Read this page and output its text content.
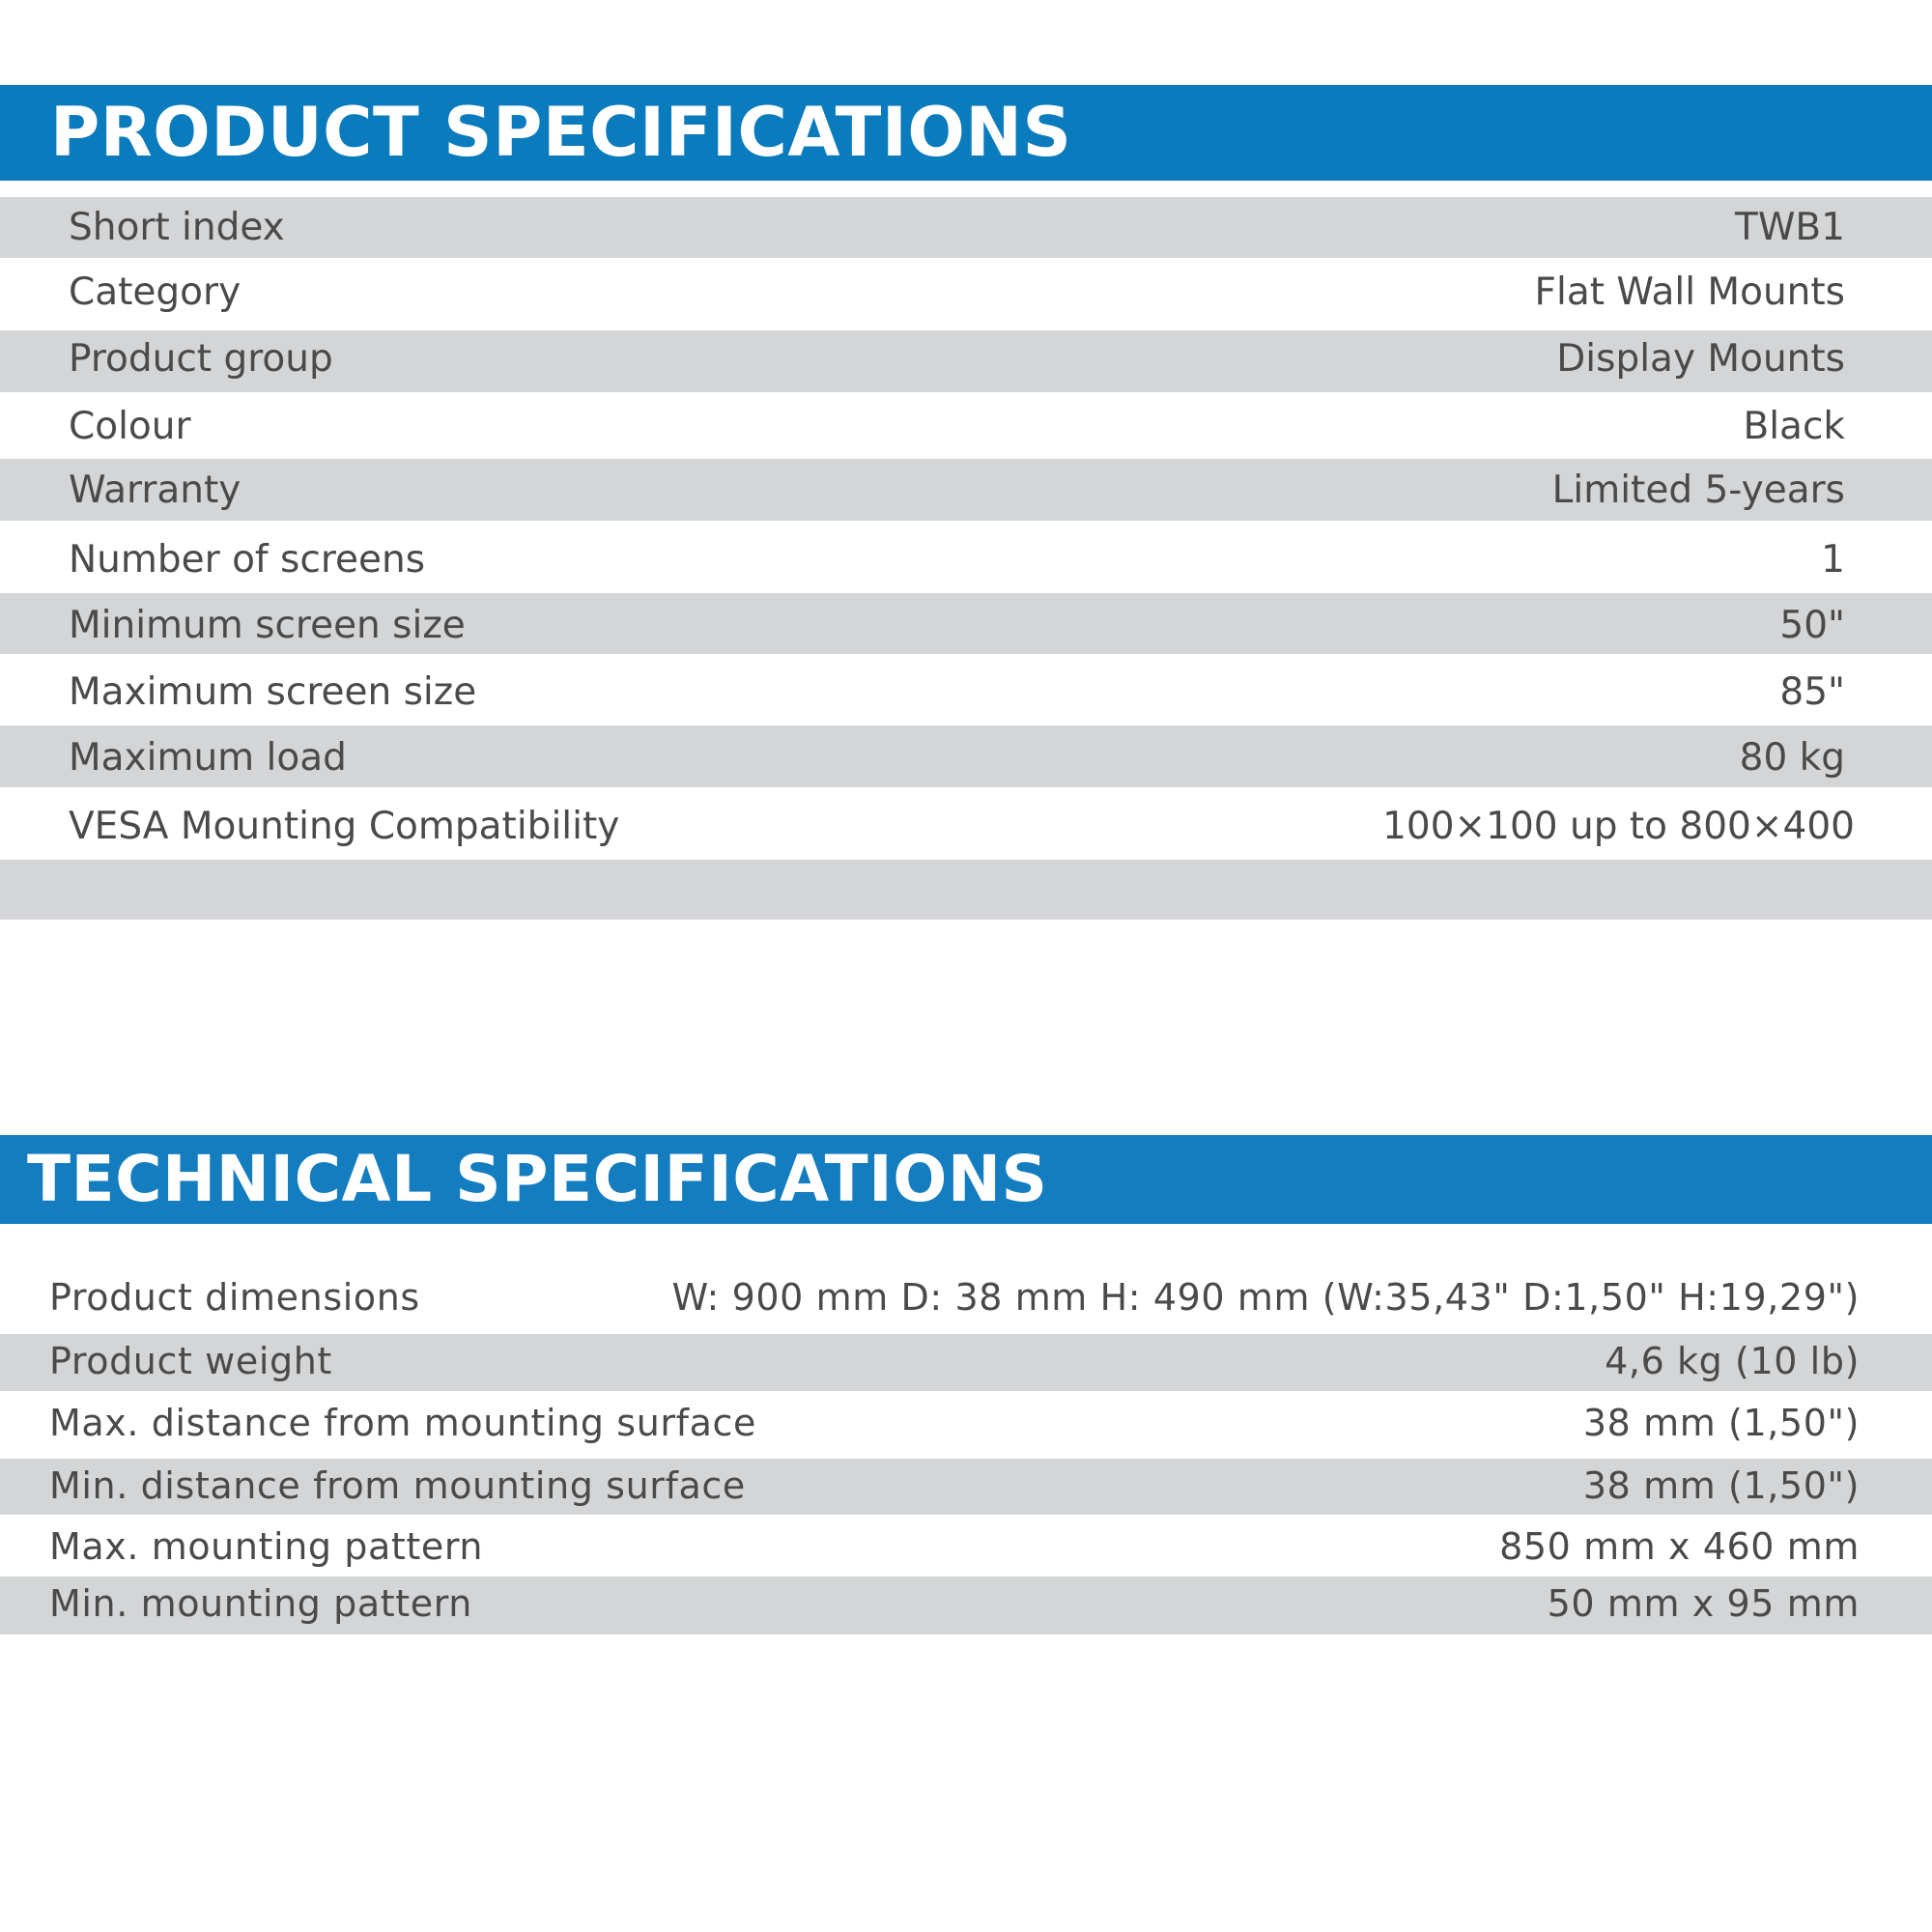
PRODUCT SPECIFICATIONS
Short index	TWB1
Category	Flat Wall Mounts
Product group	Display Mounts
Colour	Black
Warranty	Limited 5-years
Number of screens	1
Minimum screen size	50"
Maximum screen size	85"
Maximum load	80 kg
VESA Mounting Compatibility	100×100 up to 800×400
TECHNICAL SPECIFICATIONS
Product dimensions	W: 900 mm D: 38 mm H: 490 mm (W:35,43" D:1,50" H:19,29")
Product weight	4,6 kg (10 lb)
Max. distance from mounting surface	38 mm (1,50")
Min. distance from mounting surface	38 mm (1,50")
Max. mounting pattern	850 mm x 460 mm
Min. mounting pattern	50 mm x 95 mm
